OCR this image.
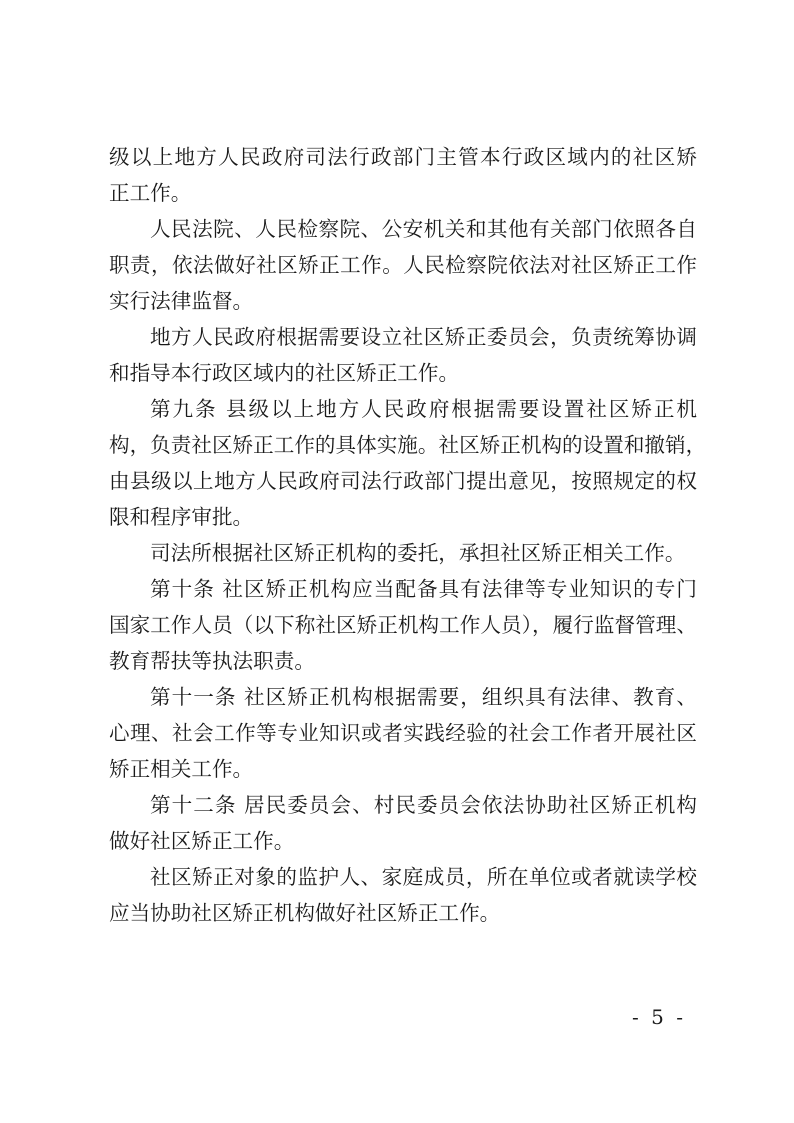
级以上地方人民政府司法行政部门主管本行政区域内的社区矫
正工作。
人民法院、人民检察院、公安机关和其他有关部门依照各自
职责，依法做好社区矫正工作。人民检察院依法对社区矫正工作
实行法律监督。
地方人民政府根据需要设立社区矫正委员会，负责统筹协调
和指导本行政区域内的社区矫正工作。
第九条 县级以上地方人民政府根据需要设置社区矫正机
构，负责社区矫正工作的具体实施。社区矫正机构的设置和撤销，
由县级以上地方人民政府司法行政部门提出意见，按照规定的权
限和程序审批。
司法所根据社区矫正机构的委托，承担社区矫正相关工作。
第十条 社区矫正机构应当配备具有法律等专业知识的专门
国家工作人员（以下称社区矫正机构工作人员），履行监督管理、
教育帮扶等执法职责。
第十一条 社区矫正机构根据需要，组织具有法律、教育、
心理、社会工作等专业知识或者实践经验的社会工作者开展社区
矫正相关工作。
第十二条 居民委员会、村民委员会依法协助社区矫正机构
做好社区矫正工作。
社区矫正对象的监护人、家庭成员，所在单位或者就读学校
应当协助社区矫正机构做好社区矫正工作。
- 5 -
